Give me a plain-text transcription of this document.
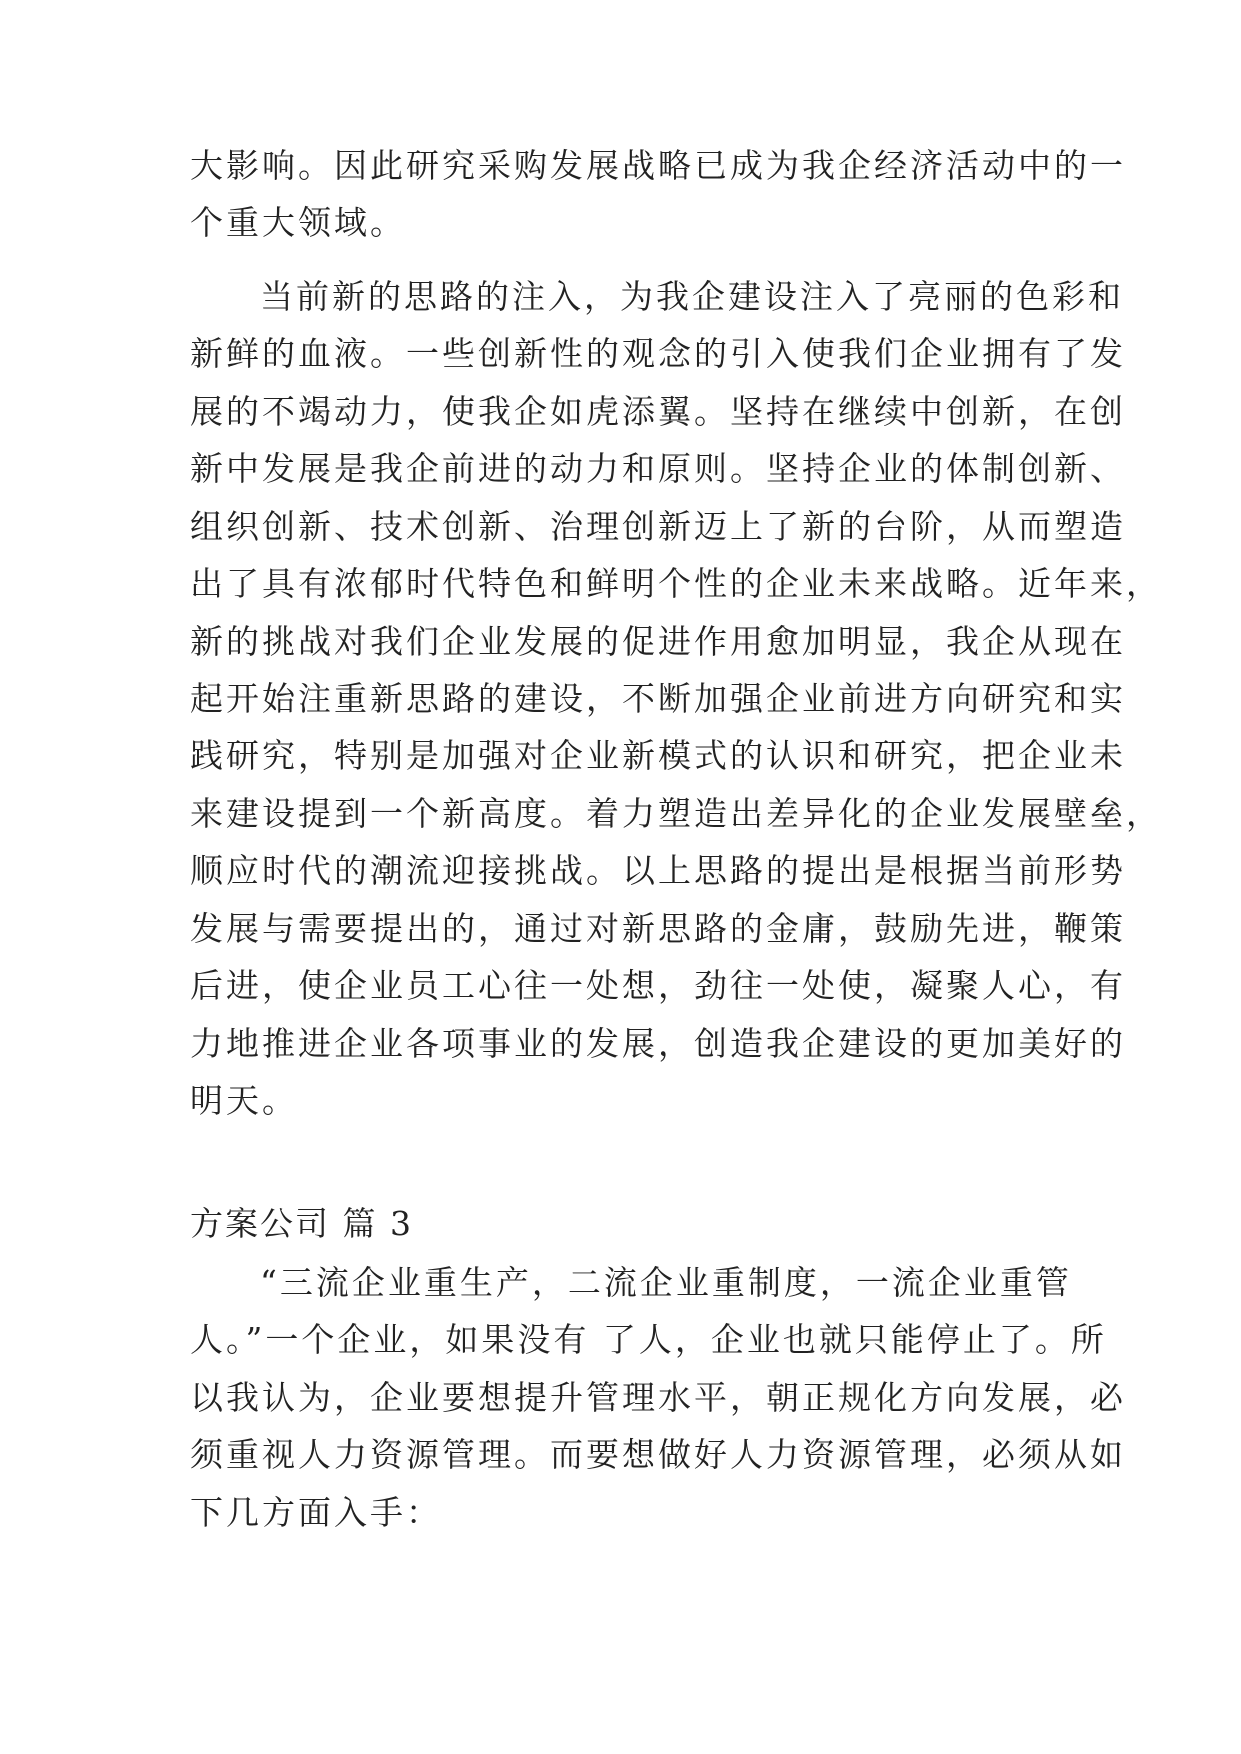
大影响。因此研究采购发展战略已成为我企经济活动中的一
个重大领域。
当前新的思路的注入，为我企建设注入了亮丽的色彩和
新鲜的血液。一些创新性的观念的引入使我们企业拥有了发
展的不竭动力，使我企如虎添翼。坚持在继续中创新，在创
新中发展是我企前进的动力和原则。坚持企业的体制创新、
组织创新、技术创新、治理创新迈上了新的台阶，从而塑造
出了具有浓郁时代特色和鲜明个性的企业未来战略。近年来，
新的挑战对我们企业发展的促进作用愈加明显，我企从现在
起开始注重新思路的建设，不断加强企业前进方向研究和实
践研究，特别是加强对企业新模式的认识和研究，把企业未
来建设提到一个新高度。着力塑造出差异化的企业发展壁垒，
顺应时代的潮流迎接挑战。以上思路的提出是根据当前形势
发展与需要提出的，通过对新思路的金庸，鼓励先进，鞭策
后进，使企业员工心往一处想，劲往一处使，凝聚人心，有
力地推进企业各项事业的发展，创造我企建设的更加美好的
明天。
方案公司 篇 3
“三流企业重生产，二流企业重制度，一流企业重管
人。”一个企业，如果没有 了人，企业也就只能停止了。所
以我认为，企业要想提升管理水平，朝正规化方向发展，必
须重视人力资源管理。而要想做好人力资源管理，必须从如
下几方面入手：
